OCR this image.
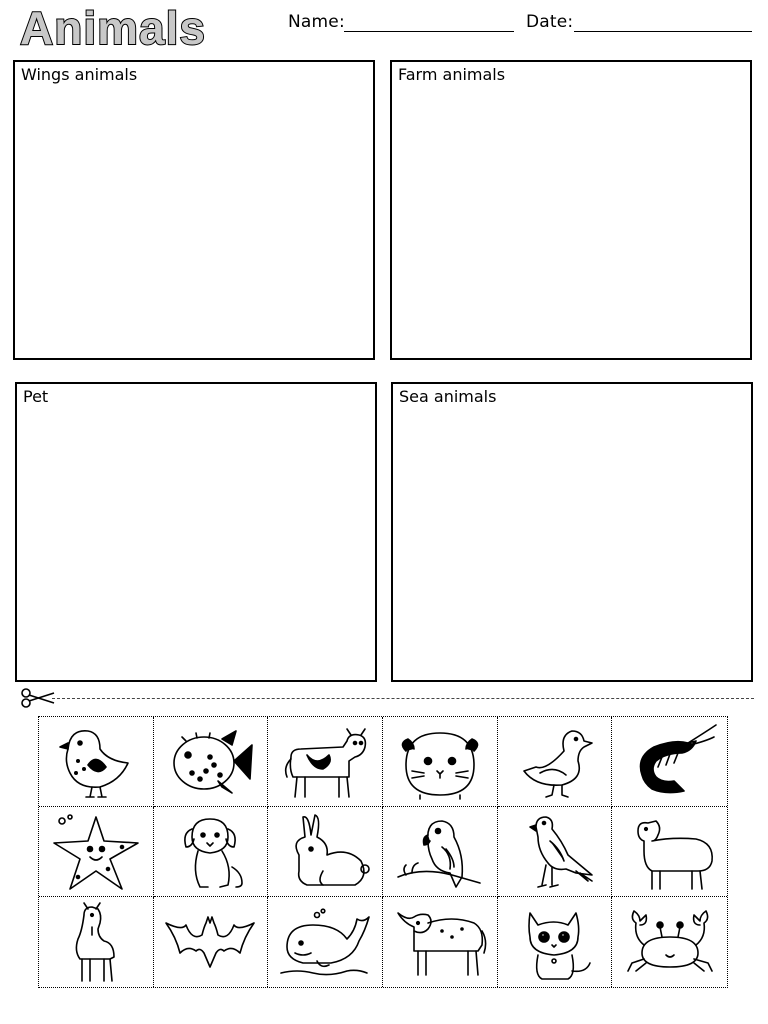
Animals	Name:	Date:
Wings animals	Farm animals
Pet	Sea animals
